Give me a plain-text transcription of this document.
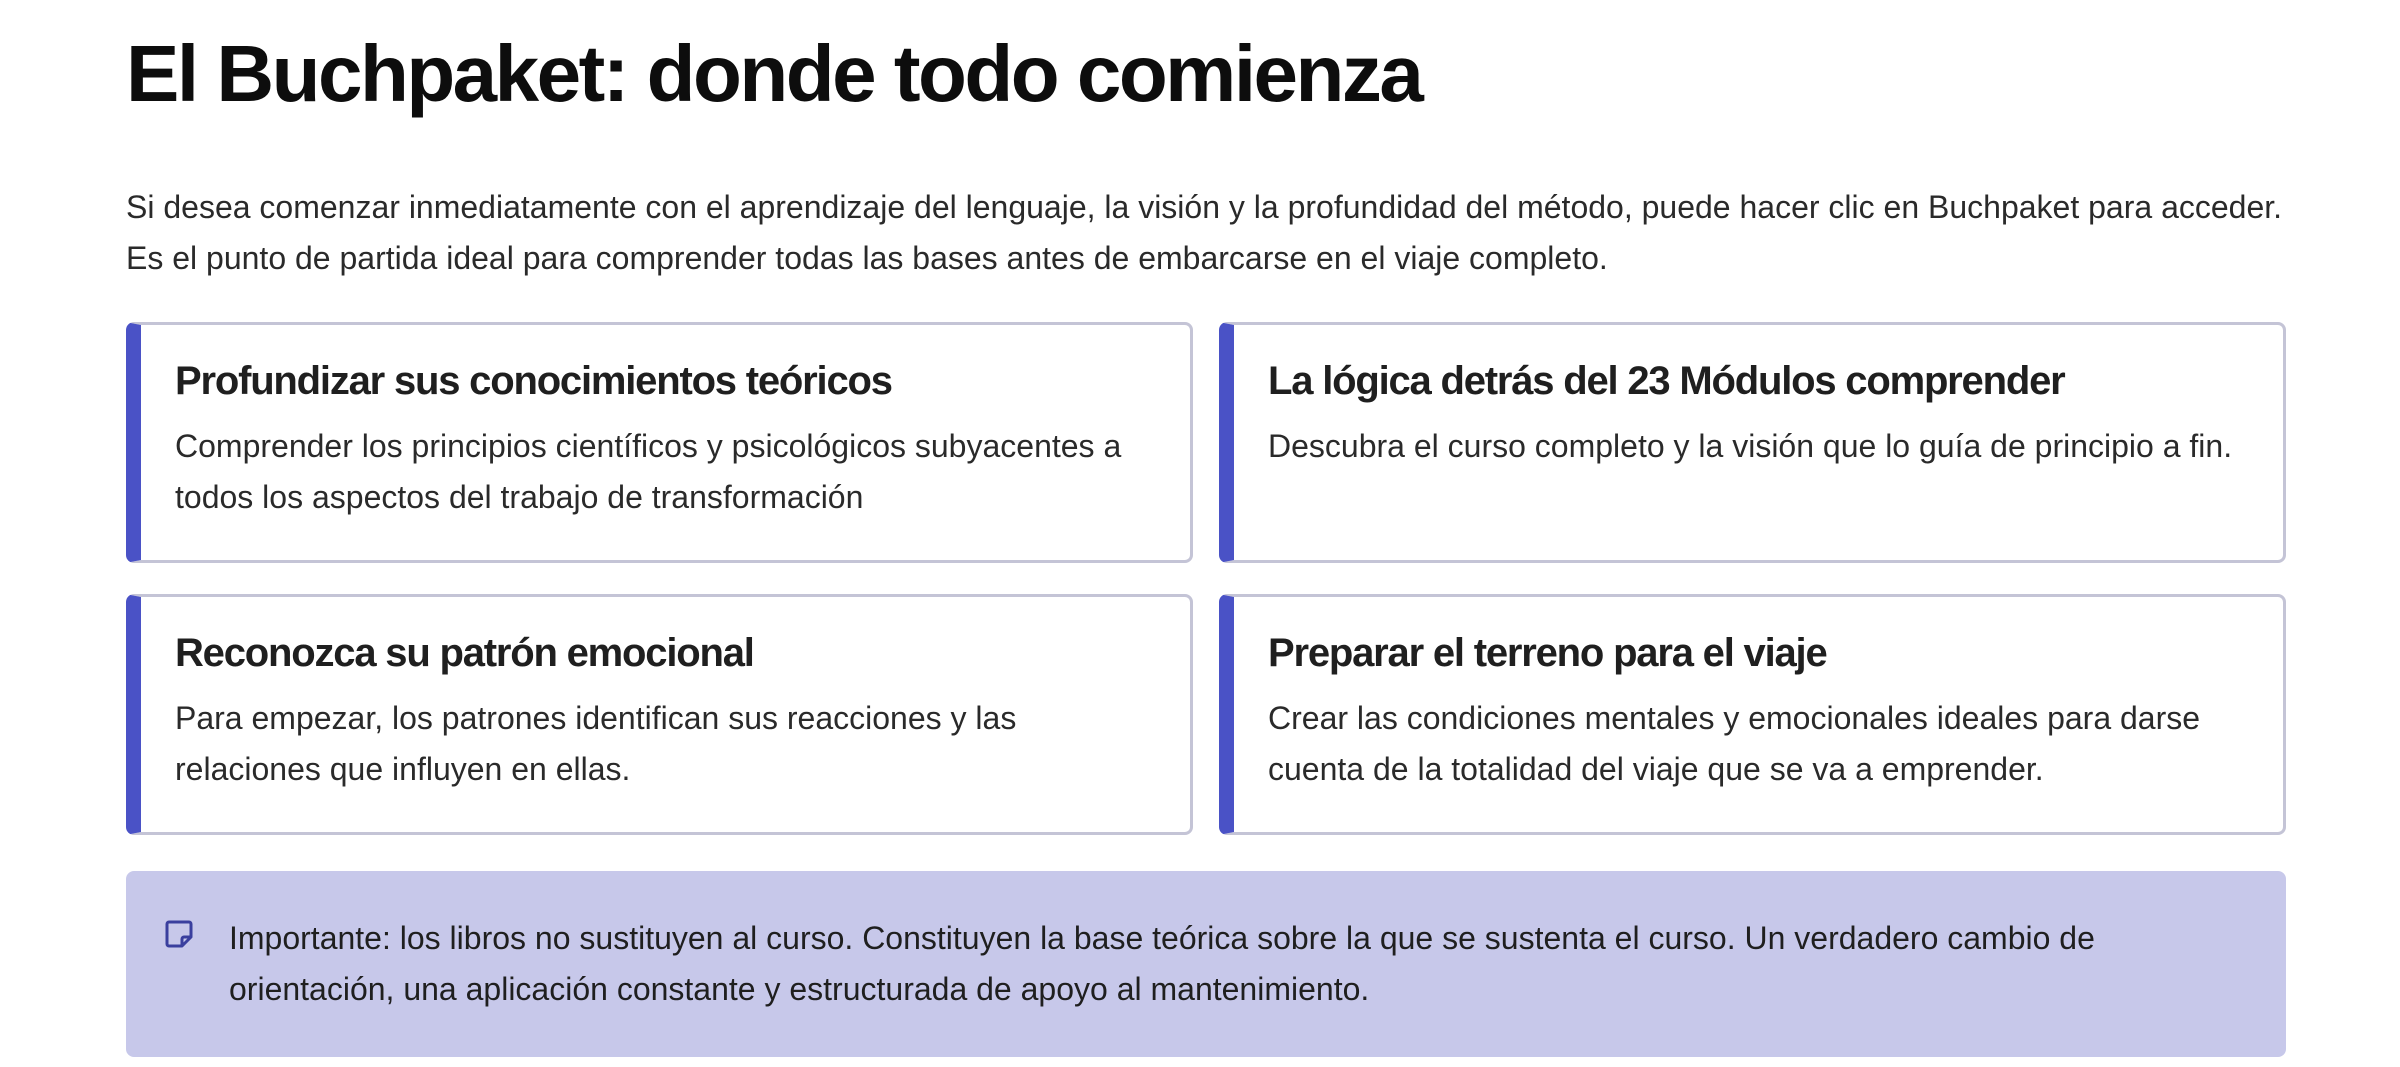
El Buchpaket: donde todo comienza

Si desea comenzar inmediatamente con el aprendizaje del lenguaje, la visión y la profundidad del método, puede hacer clic en Buchpaket para acceder. Es el punto de partida ideal para comprender todas las bases antes de embarcarse en el viaje completo.

Profundizar sus conocimientos teóricos
Comprender los principios científicos y psicológicos subyacentes a todos los aspectos del trabajo de transformación
La lógica detrás del 23 Módulos comprender
Descubra el curso completo y la visión que lo guía de principio a fin.
Reconozca su patrón emocional
Para empezar, los patrones identifican sus reacciones y las relaciones que influyen en ellas.
Preparar el terreno para el viaje
Crear las condiciones mentales y emocionales ideales para darse cuenta de la totalidad del viaje que se va a emprender.

Importante: los libros no sustituyen al curso. Constituyen la base teórica sobre la que se sustenta el curso. Un verdadero cambio de orientación, una aplicación constante y estructurada de apoyo al mantenimiento.
